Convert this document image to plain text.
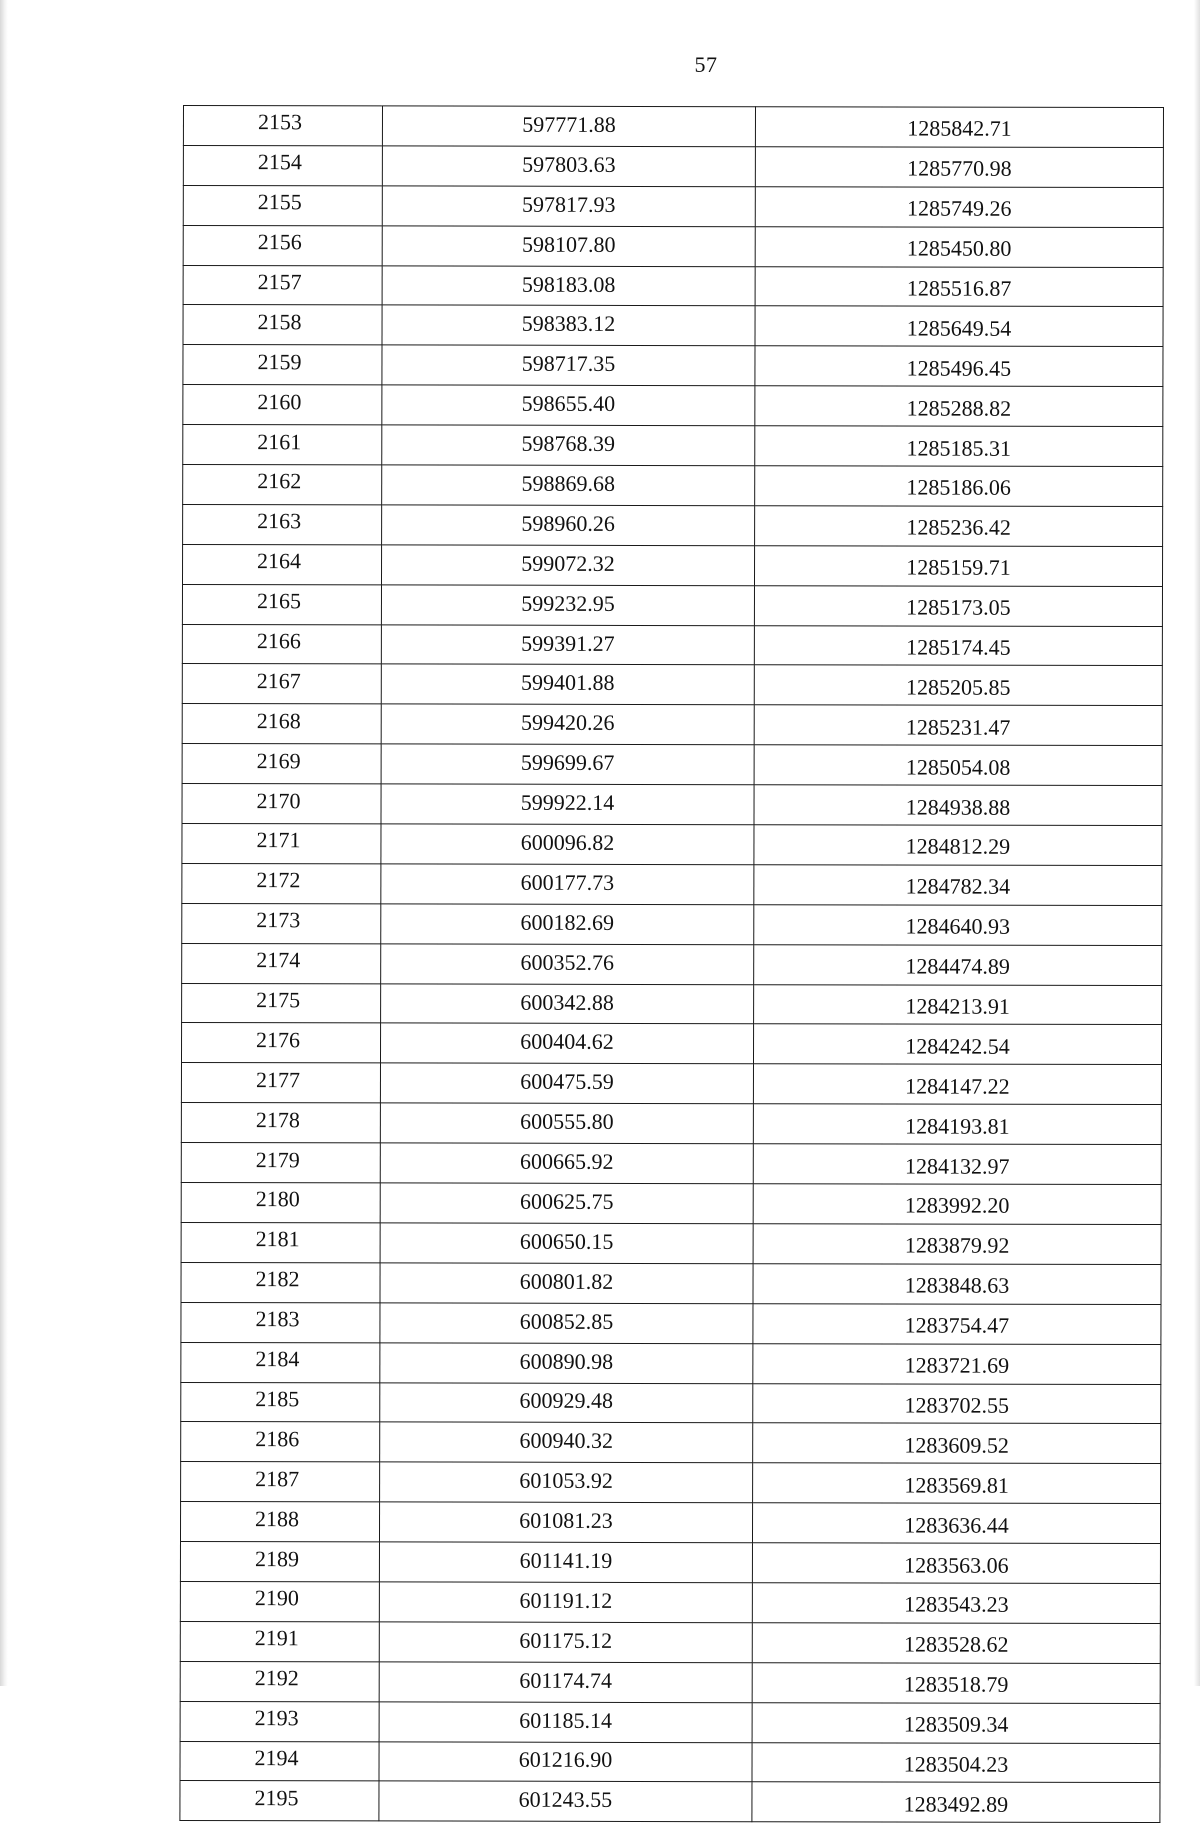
57
2153	597771.88	1285842.71
2154	597803.63	1285770.98
2155	597817.93	1285749.26
2156	598107.80	1285450.80
2157	598183.08	1285516.87
2158	598383.12	1285649.54
2159	598717.35	1285496.45
2160	598655.40	1285288.82
2161	598768.39	1285185.31
2162	598869.68	1285186.06
2163	598960.26	1285236.42
2164	599072.32	1285159.71
2165	599232.95	1285173.05
2166	599391.27	1285174.45
2167	599401.88	1285205.85
2168	599420.26	1285231.47
2169	599699.67	1285054.08
2170	599922.14	1284938.88
2171	600096.82	1284812.29
2172	600177.73	1284782.34
2173	600182.69	1284640.93
2174	600352.76	1284474.89
2175	600342.88	1284213.91
2176	600404.62	1284242.54
2177	600475.59	1284147.22
2178	600555.80	1284193.81
2179	600665.92	1284132.97
2180	600625.75	1283992.20
2181	600650.15	1283879.92
2182	600801.82	1283848.63
2183	600852.85	1283754.47
2184	600890.98	1283721.69
2185	600929.48	1283702.55
2186	600940.32	1283609.52
2187	601053.92	1283569.81
2188	601081.23	1283636.44
2189	601141.19	1283563.06
2190	601191.12	1283543.23
2191	601175.12	1283528.62
2192	601174.74	1283518.79
2193	601185.14	1283509.34
2194	601216.90	1283504.23
2195	601243.55	1283492.89
